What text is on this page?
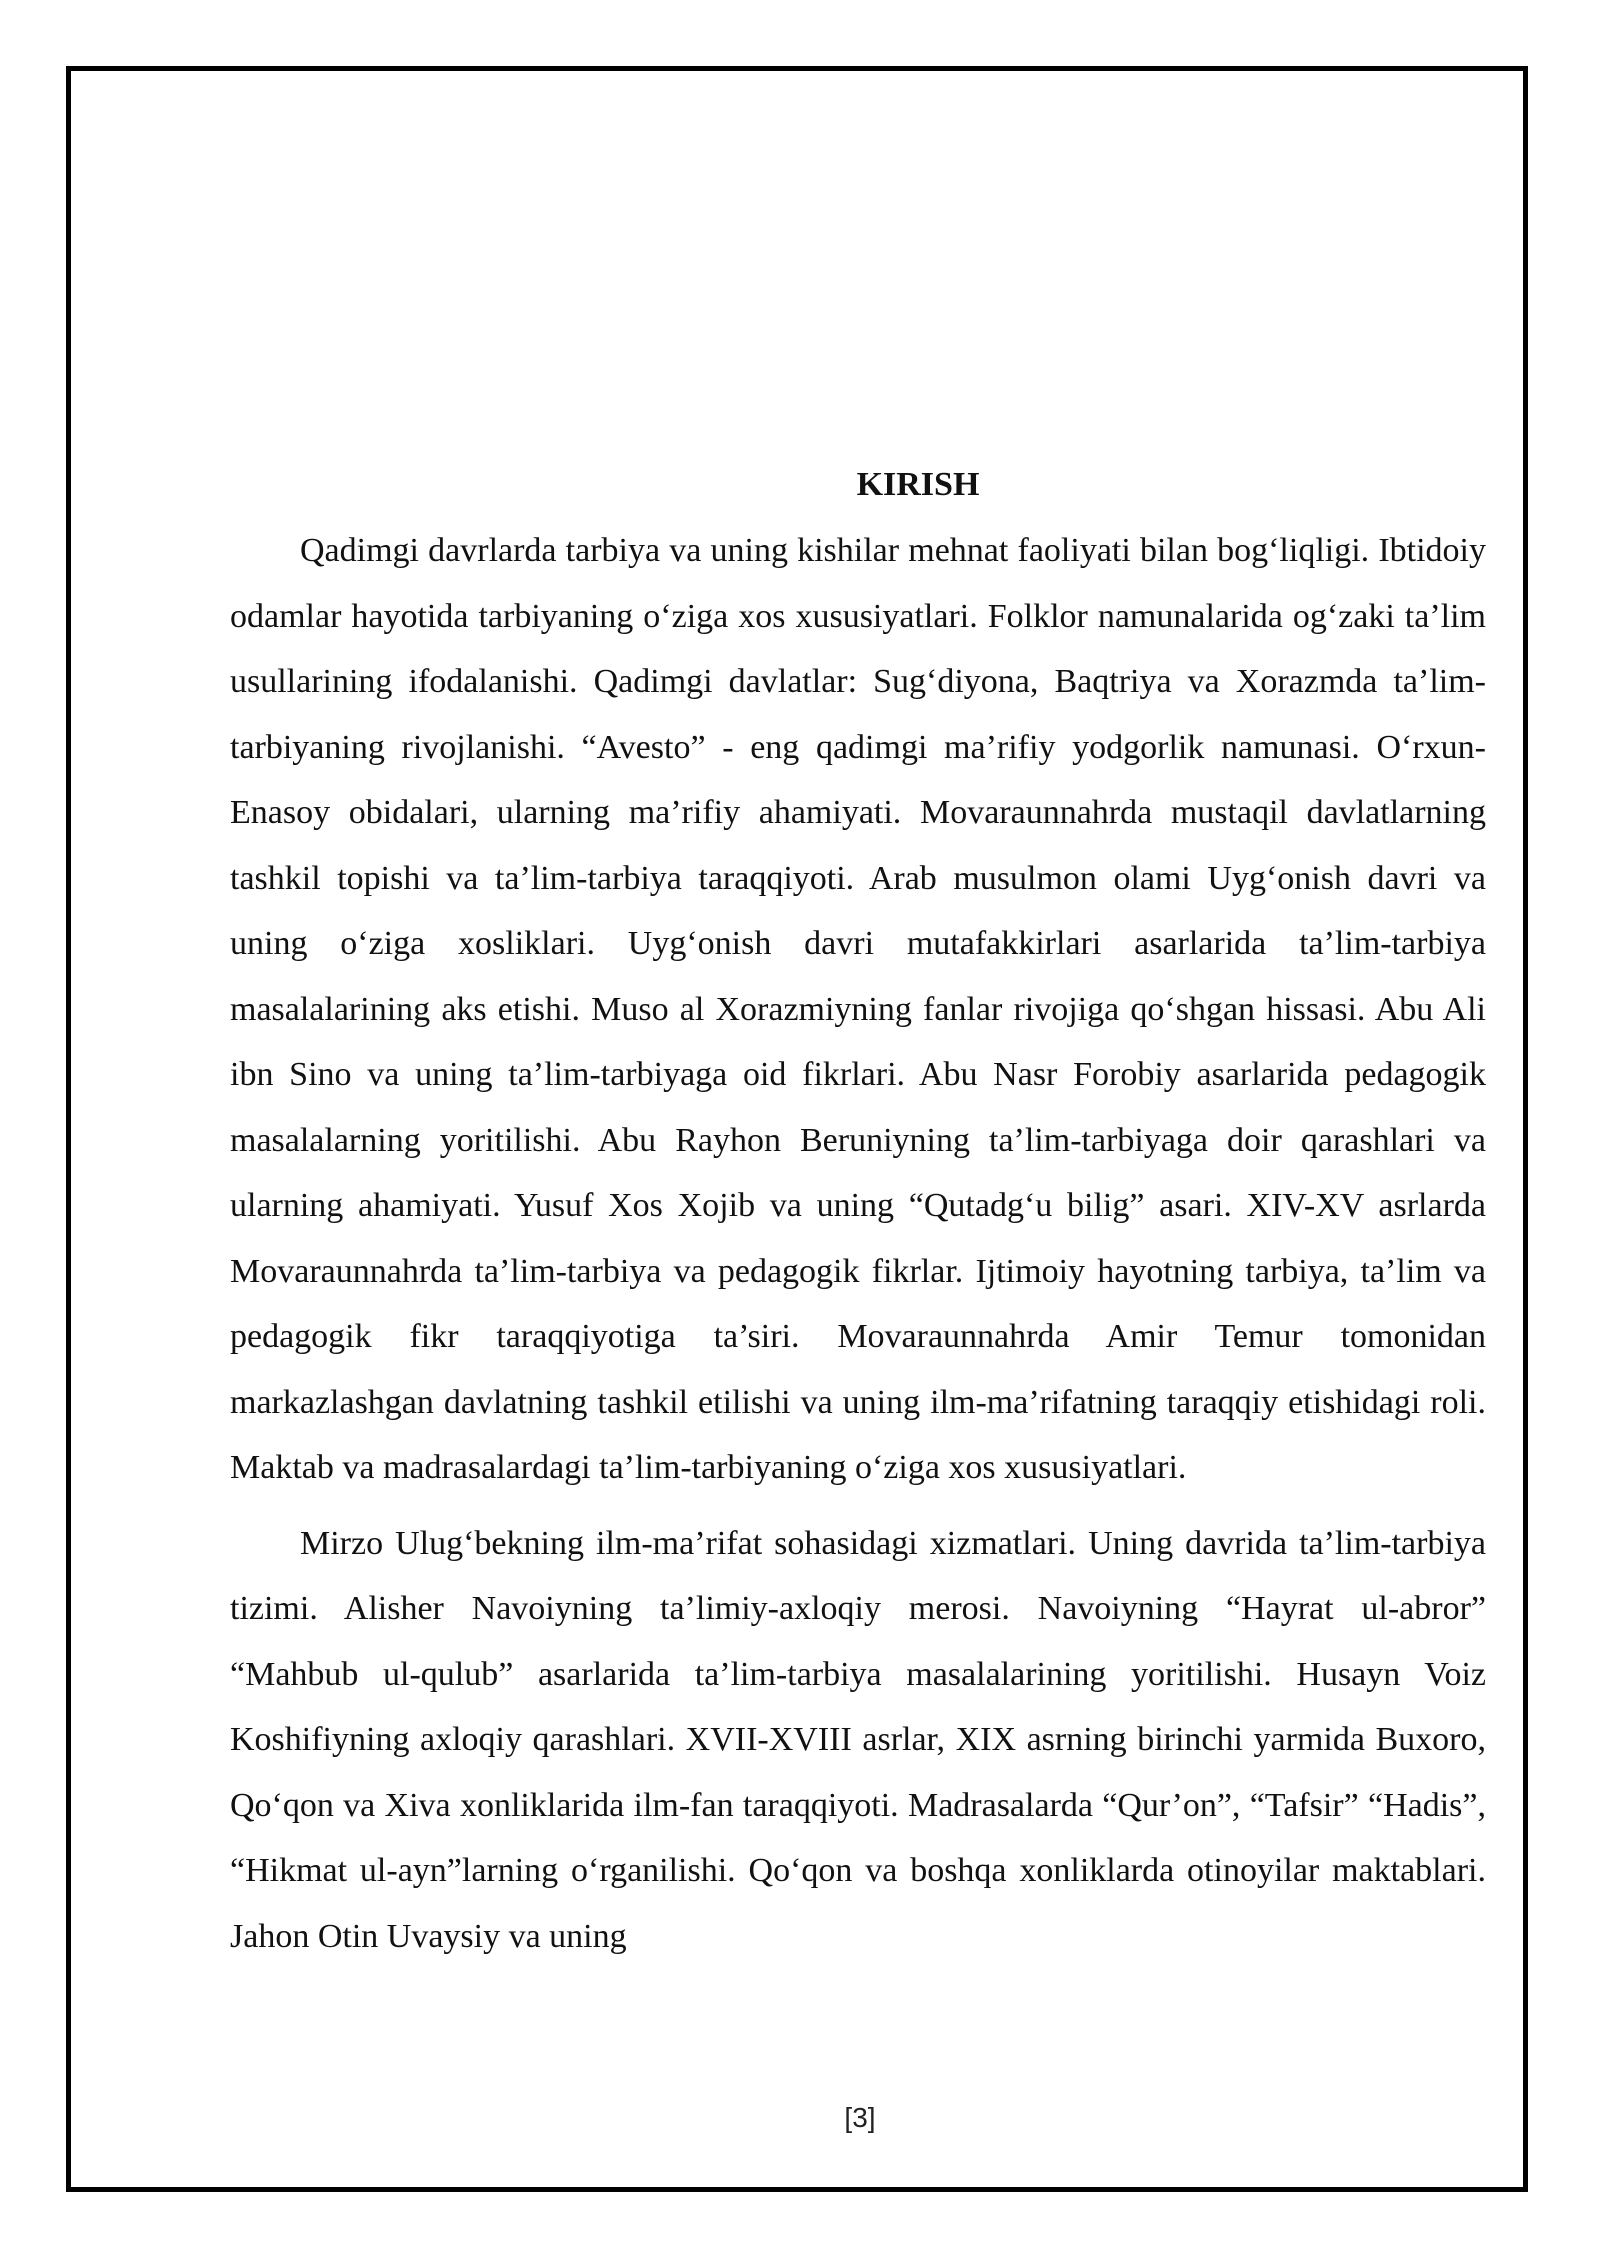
KIRISH

Qadimgi davrlarda tarbiya va uning kishilar mehnat faoliyati bilan bog‘liqligi. Ibtidoiy odamlar hayotida tarbiyaning o‘ziga xos xususiyatlari. Folklor namunalarida og‘zaki ta’lim usullarining ifodalanishi. Qadimgi davlatlar: Sug‘diyona, Baqtriya va Xorazmda ta’lim-tarbiyaning rivojlanishi. “Avesto” - eng qadimgi ma’rifiy yodgorlik namunasi. O‘rxun-Enasoy obidalari, ularning ma’rifiy ahamiyati. Movaraunnahrda mustaqil davlatlarning tashkil topishi va ta’lim-tarbiya taraqqiyoti. Arab musulmon olami Uyg‘onish davri va uning o‘ziga xosliklari. Uyg‘onish davri mutafakkirlari asarlarida ta’lim-tarbiya masalalarining aks etishi. Muso al Xorazmiyning fanlar rivojiga qo‘shgan hissasi. Abu Ali ibn Sino va uning ta’lim-tarbiyaga oid fikrlari. Abu Nasr Forobiy asarlarida pedagogik masalalarning yoritilishi. Abu Rayhon Beruniyning ta’lim-tarbiyaga doir qarashlari va ularning ahamiyati. Yusuf Xos Xojib va uning “Qutadg‘u bilig” asari. XIV-XV asrlarda Movaraunnahrda ta’lim-tarbiya va pedagogik fikrlar. Ijtimoiy hayotning tarbiya, ta’lim va pedagogik fikr taraqqiyotiga ta’siri. Movaraunnahrda Amir Temur tomonidan markazlashgan davlatning tashkil etilishi va uning ilm-ma’rifatning taraqqiy etishidagi roli. Maktab va madrasalardagi ta’lim-tarbiyaning o‘ziga xos xususiyatlari.

Mirzo Ulug‘bekning ilm-ma’rifat sohasidagi xizmatlari. Uning davrida ta’lim-tarbiya tizimi. Alisher Navoiyning ta’limiy-axloqiy merosi. Navoiyning “Hayrat ul-abror” “Mahbub ul-qulub” asarlarida ta’lim-tarbiya masalalarining yoritilishi. Husayn Voiz Koshifiyning axloqiy qarashlari. XVII-XVIII asrlar, XIX asrning birinchi yarmida Buxoro, Qo‘qon va Xiva xonliklarida ilm-fan taraqqiyoti. Madrasalarda “Qur’on”, “Tafsir” “Hadis”, “Hikmat ul-ayn”larning o‘rganilishi. Qo‘qon va boshqa xonliklarda otinoyilar maktablari. Jahon Otin Uvaysiy va uning

[3]
